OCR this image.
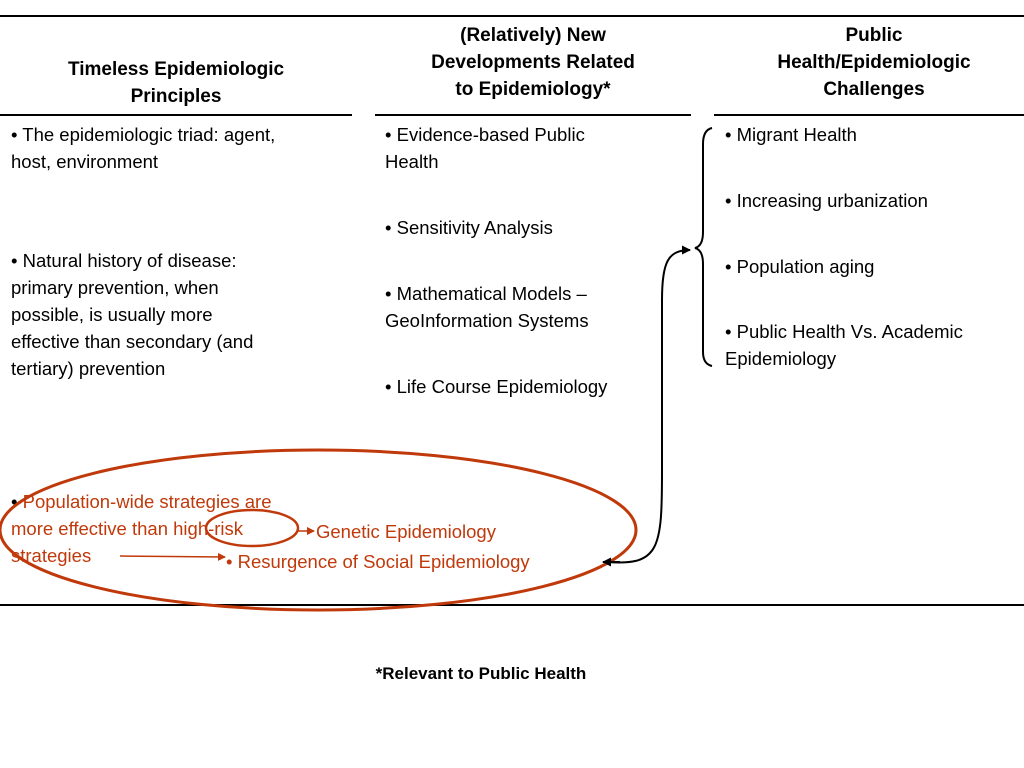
Timeless Epidemiologic
Principles
(Relatively) New
Developments Related
to Epidemiology*
Public
Health/Epidemiologic
Challenges
• The epidemiologic triad: agent,
host, environment
• Natural history of disease:
primary prevention, when
possible, is usually more
effective than secondary (and
tertiary) prevention
• Population-wide strategies are
more effective than high-risk
strategies
• Evidence-based Public
Health
• Sensitivity Analysis
• Mathematical Models –
GeoInformation Systems
• Life Course Epidemiology
• Migrant Health
• Increasing urbanization
• Population aging
• Public Health Vs. Academic
Epidemiology
Genetic Epidemiology
• Resurgence of Social Epidemiology
*Relevant to Public Health
